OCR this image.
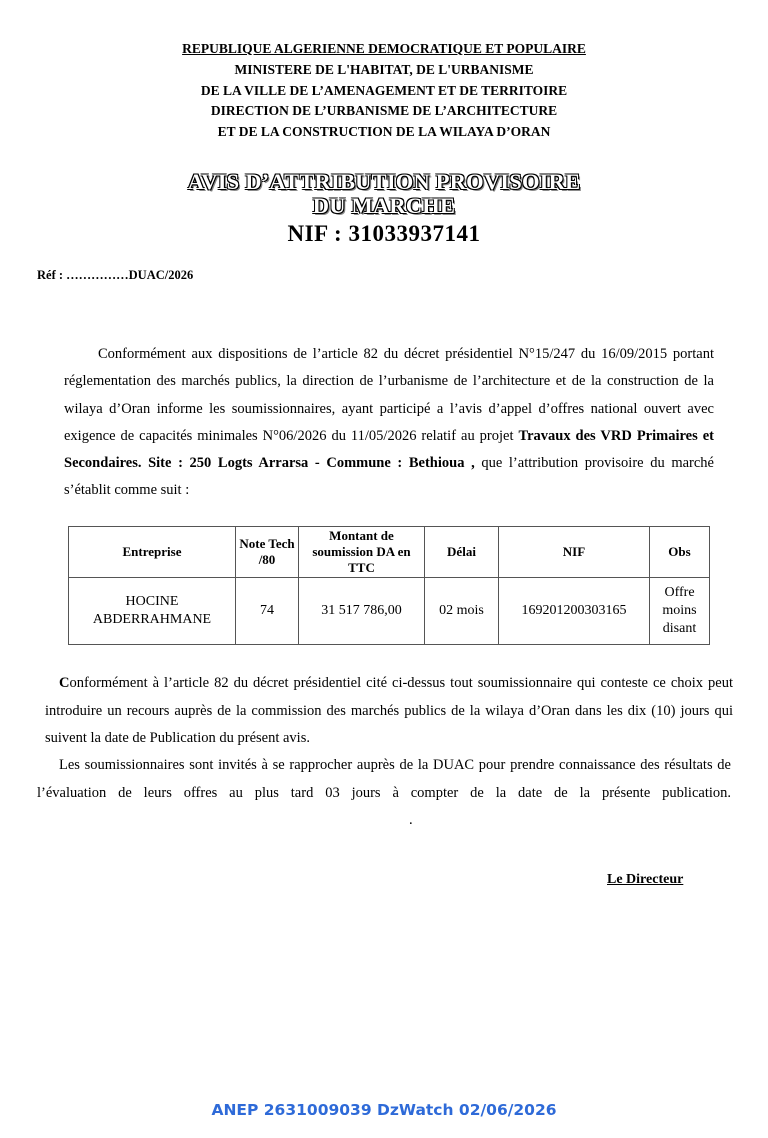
REPUBLIQUE ALGERIENNE DEMOCRATIQUE ET POPULAIRE
MINISTERE DE L'HABITAT, DE L'URBANISME
DE LA VILLE DE L’AMENAGEMENT ET DE TERRITOIRE
DIRECTION DE L’URBANISME DE L’ARCHITECTURE
ET DE LA CONSTRUCTION DE LA WILAYA D’ORAN
AVIS D’ATTRIBUTION PROVISOIRE
DU MARCHE
NIF : 31033937141
Réf : ……………DUAC/2026
Conformément aux dispositions de l’article 82 du décret présidentiel N°15/247 du 16/09/2015 portant réglementation des marchés publics, la direction de l’urbanisme de l’architecture et de la construction de la wilaya d’Oran informe les soumissionnaires, ayant participé a l’avis d’appel d’offres national ouvert avec exigence de capacités minimales N°06/2026 du 11/05/2026 relatif au projet Travaux des VRD Primaires et Secondaires. Site : 250 Logts Arrarsa - Commune : Bethioua , que l’attribution provisoire du marché s’établit comme suit :
Entreprise	Note Tech /80	Montant de soumission DA en TTC	Délai	NIF	Obs
HOCINE ABDERRAHMANE	74	31 517 786,00	02 mois	169201200303165	Offre moins disant
Conformément à l’article 82 du décret présidentiel cité ci-dessus tout soumissionnaire qui conteste ce choix peut introduire un recours auprès de la commission des marchés publics de la wilaya d’Oran dans les dix (10) jours qui suivent la date de Publication du présent avis.
Les soumissionnaires sont invités à se rapprocher auprès de la DUAC pour prendre connaissance des résultats de l’évaluation de leurs offres au plus tard 03 jours à compter de la date de la présente publication..
Le Directeur
ANEP 2631009039 DzWatch 02/06/2026
